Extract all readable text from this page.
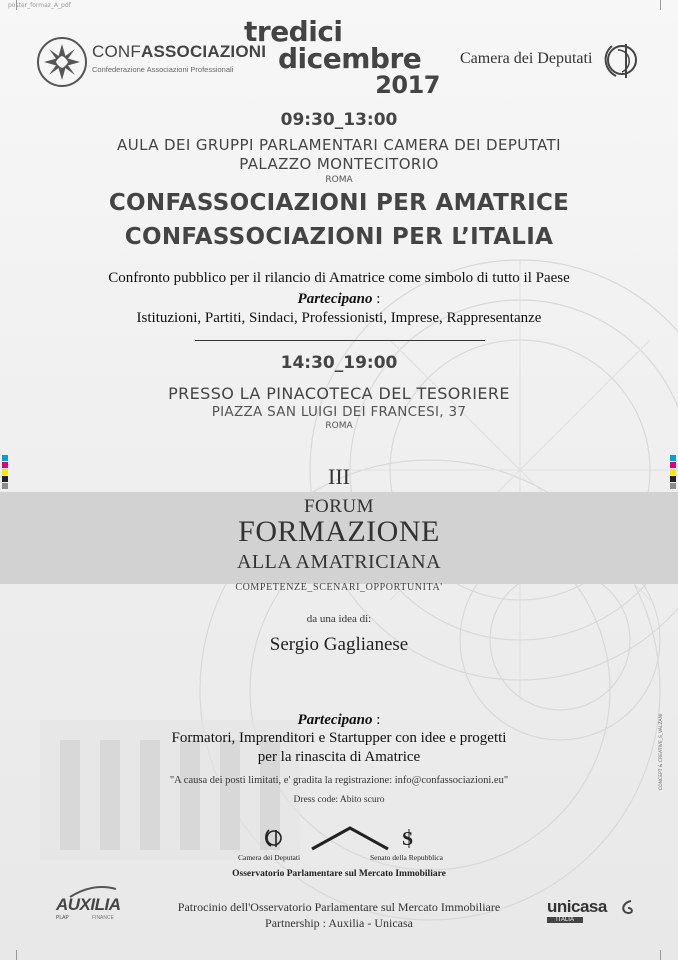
poster_formaz_A_pdf
CONFASSOCIAZIONI
Confederazione Associazioni Professionali
tredici
dicembre
2017
Camera dei Deputati
09:30_13:00
AULA DEI GRUPPI PARLAMENTARI CAMERA DEI DEPUTATI
PALAZZO MONTECITORIO
ROMA
CONFASSOCIAZIONI PER AMATRICE
CONFASSOCIAZIONI PER L’ITALIA
Confronto pubblico per il rilancio di Amatrice come simbolo di tutto il Paese
Partecipano :
Istituzioni, Partiti, Sindaci, Professionisti, Imprese, Rappresentanze
14:30_19:00
PRESSO LA PINACOTECA DEL TESORIERE
PIAZZA SAN LUIGI DEI FRANCESI, 37
ROMA
III
FORUM
FORMAZIONE
ALLA AMATRICIANA
COMPETENZE_SCENARI_OPPORTUNITA'
da una idea di:
Sergio Gaglianese
Partecipano :
Formatori, Imprenditori e Startupper con idee e progetti
per la rinascita di Amatrice
"A causa dei posti limitati, e' gradita la registrazione: info@confassociazioni.eu"
Dress code: Abito scuro
S
Camera dei Deputati	Senato della Repubblica
Osservatorio Parlamentare sul Mercato Immobiliare
AUXILIA
PLAP	FINANCE
Patrocinio dell'Osservatorio Parlamentare sul Mercato Immobiliare
Partnership : Auxilia - Unicasa
unicasa
ITALIA
CONCEPT & CREATIVE_S_VALZANI
